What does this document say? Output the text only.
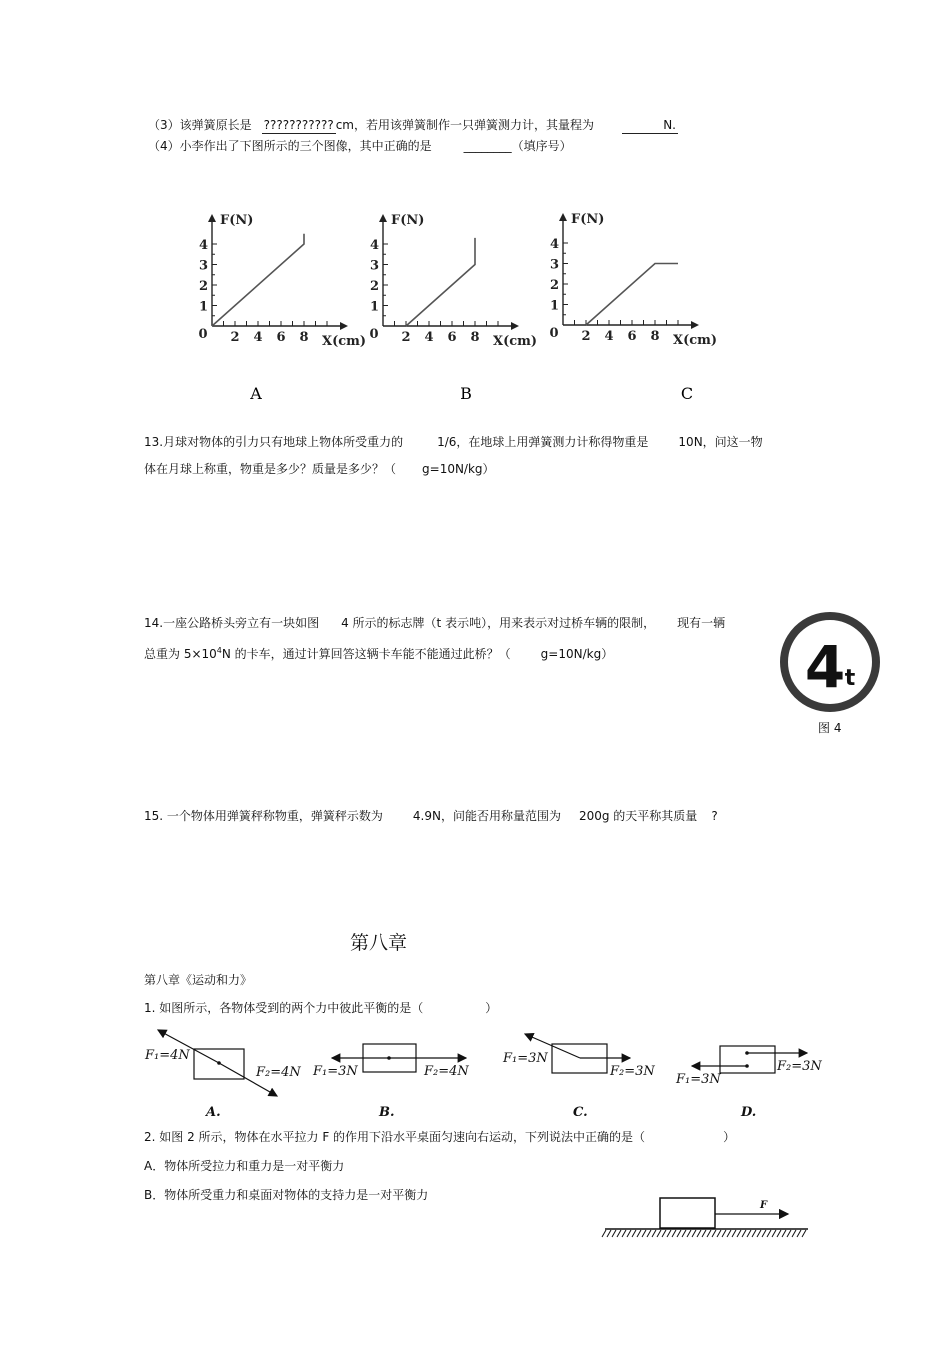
（3）该弹簧原长是 ??????????? cm，若用该弹簧制作一只弹簧测力计，其量程为	N.
（4）小李作出了下图所示的三个图像，其中正确的是	________（填序号）
2 4 6 8
1
2
3
4
0	X(cm)
F(N)
A
2 4 6 8
1
2
3
4
0	X(cm)
F(N)
B
2 4 6 8
1
2
3
4
0	X(cm)
F(N)
C
13.月球对物体的引力只有地球上物体所受重力的	1/6，在地球上用弹簧测力计称得物重是	10N，问这一物
体在月球上称重，物重是多少？质量是多少？（ g=10N/kg）
14.一座公路桥头旁立有一块如图 4 所示的标志牌（t 表示吨），用来表示对过桥车辆的限制， 现有一辆
总重为 $5\times 10^4N$ 的卡车，通过计算回答这辆卡车能不能通过此桥？（	g=10N/kg）	4 t
图 4
15. 一个物体用弹簧秤称物重，弹簧秤示数为	4.9N，问能否用称量范围为 200g 的天平称其质量 ?
第八章
第八章《运动和力》
1. 如图所示，各物体受到的两个力中彼此平衡的是（	）
F₁=4N
F₂=4N
A.
F₁=3N	F₂=4N
B.
F₁=3N
F₂=3N
C.
F₁=3N
F₂=3N
D.
2. 如图 2 所示，物体在水平拉力 F 的作用下沿水平桌面匀速向右运动，下列说法中正确的是（	）
A．物体所受拉力和重力是一对平衡力
B．物体所受重力和桌面对物体的支持力是一对平衡力
F
